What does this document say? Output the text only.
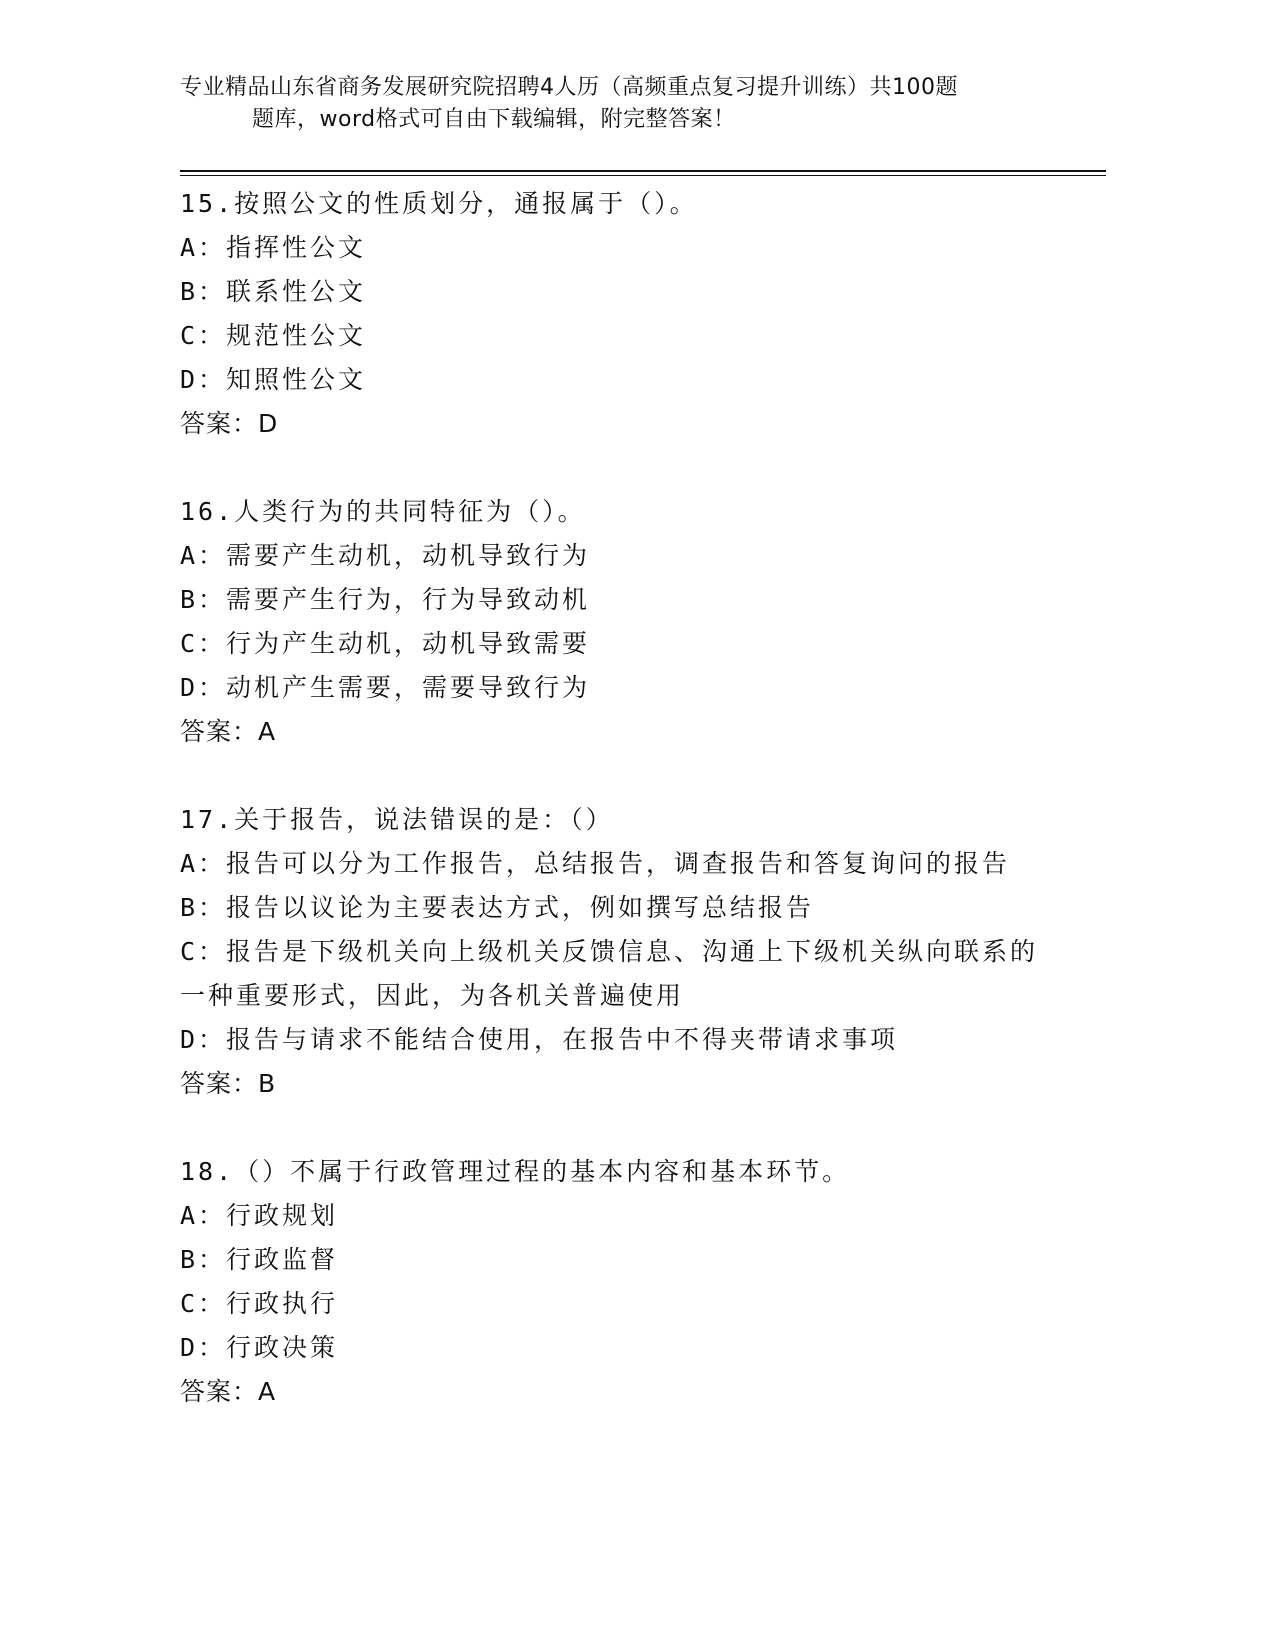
专业精品山东省商务发展研究院招聘4人历（高频重点复习提升训练）共100题
题库，word格式可自由下载编辑，附完整答案！
15.按照公文的性质划分，通报属于（）。
A：指挥性公文
B：联系性公文
C：规范性公文
D：知照性公文
答案：D
16.人类行为的共同特征为（）。
A：需要产生动机，动机导致行为
B：需要产生行为，行为导致动机
C：行为产生动机，动机导致需要
D：动机产生需要，需要导致行为
答案：A
17.关于报告，说法错误的是：（）
A：报告可以分为工作报告，总结报告，调查报告和答复询问的报告
B：报告以议论为主要表达方式，例如撰写总结报告
C：报告是下级机关向上级机关反馈信息、沟通上下级机关纵向联系的一种重要形式，因此，为各机关普遍使用
D：报告与请求不能结合使用，在报告中不得夹带请求事项
答案：B
18.（）不属于行政管理过程的基本内容和基本环节。
A：行政规划
B：行政监督
C：行政执行
D：行政决策
答案：A
